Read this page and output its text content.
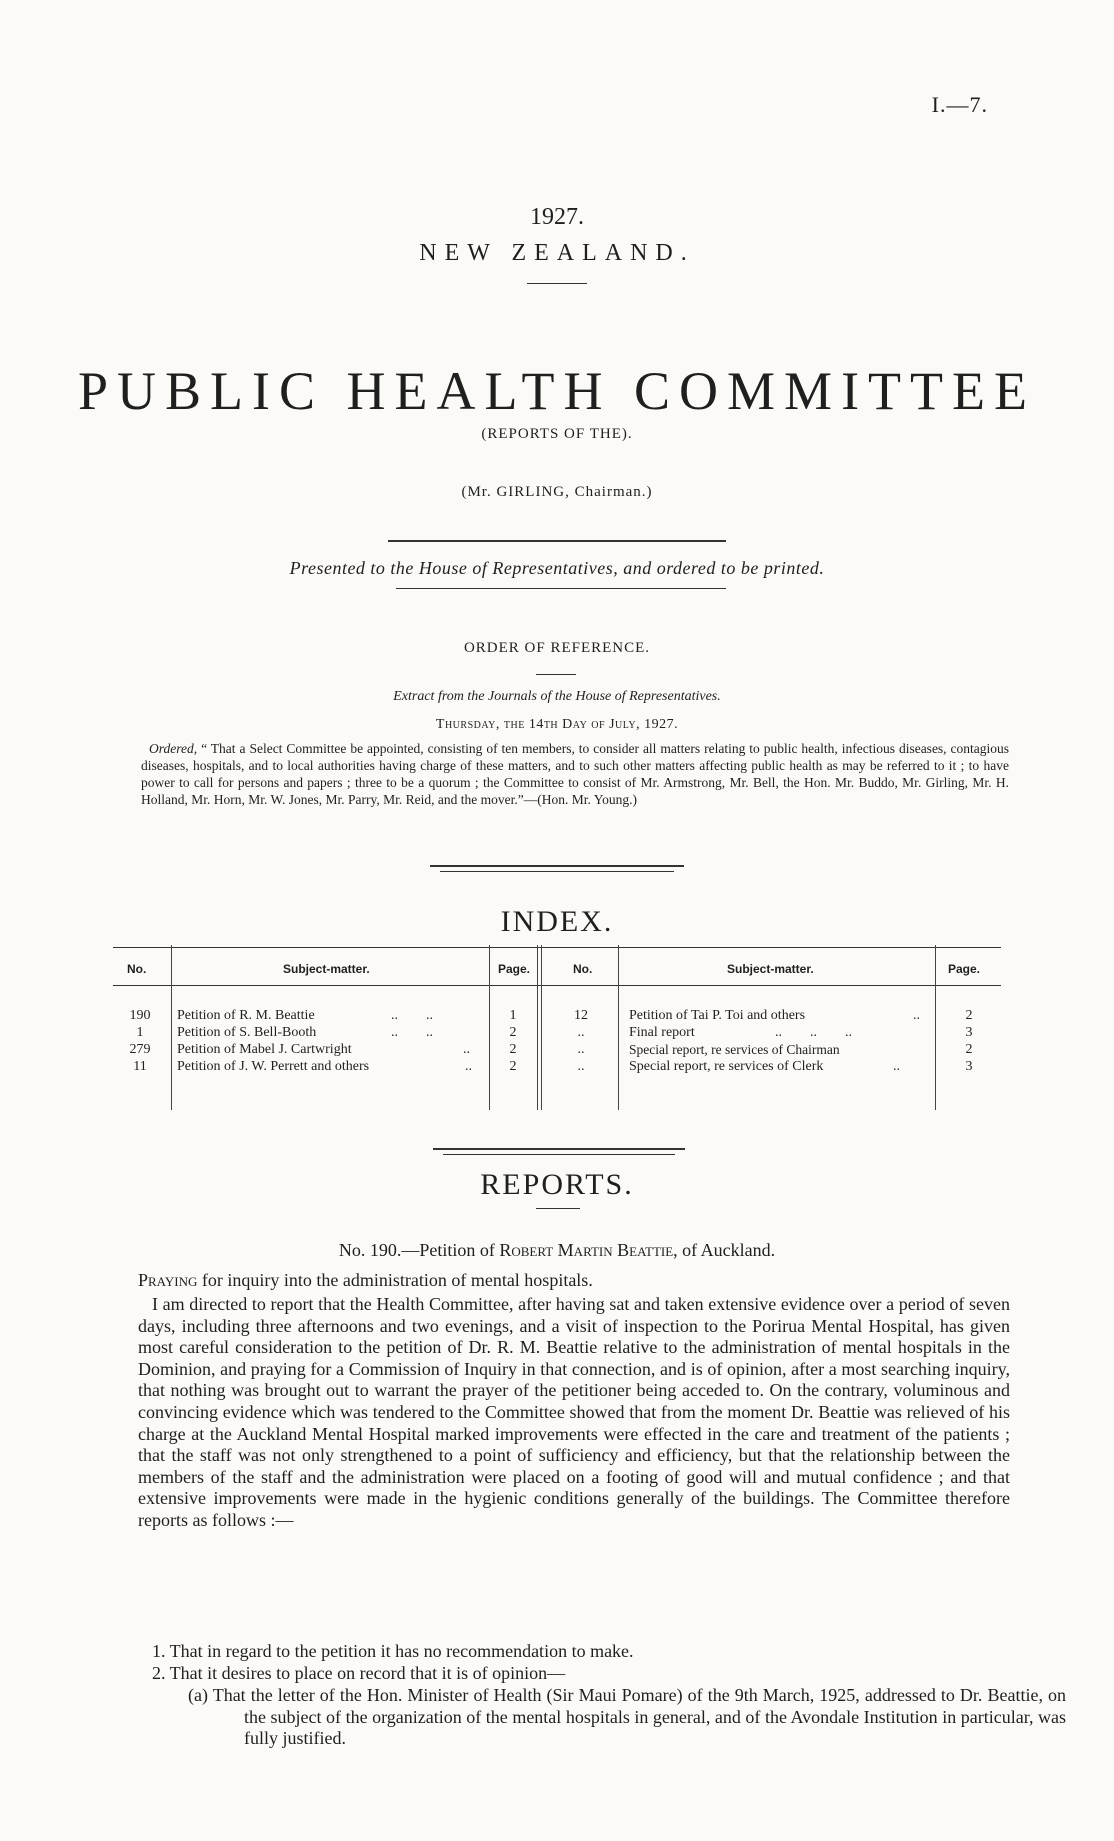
I.—7.
1927.
NEW ZEALAND.
PUBLIC HEALTH COMMITTEE
(REPORTS OF THE).
(Mr. GIRLING, Chairman.)
Presented to the House of Representatives, and ordered to be printed.
ORDER OF REFERENCE.
Extract from the Journals of the House of Representatives.
Thursday, the 14th Day of July, 1927.
Ordered, “ That a Select Committee be appointed, consisting of ten members, to consider all matters relating to public health, infectious diseases, contagious diseases, hospitals, and to local authorities having charge of these matters, and to such other matters affecting public health as may be referred to it ; to have power to call for persons and papers ; three to be a quorum ; the Committee to consist of Mr. Armstrong, Mr. Bell, the Hon. Mr. Buddo, Mr. Girling, Mr. H. Holland, Mr. Horn, Mr. W. Jones, Mr. Parry, Mr. Reid, and the mover.”—(Hon. Mr. Young.)
INDEX.
No.	Subject-matter.	Page.	No.	Subject-matter.	Page.
190	Petition of R. M. Beattie	..        ..	1
1	Petition of S. Bell-Booth	..        ..	2
279	Petition of Mabel J. Cartwright	..	2
11	Petition of J. W. Perrett and others	..	2
12	Petition of Tai P. Toi and others	..	2
..	Final report	..        ..        ..	3
..	Special report, re services of Chairman	2
..	Special report, re services of Clerk	..	3
REPORTS.
No. 190.—Petition of Robert Martin Beattie, of Auckland.
Praying for inquiry into the administration of mental hospitals.
I am directed to report that the Health Committee, after having sat and taken extensive evidence over a period of seven days, including three afternoons and two evenings, and a visit of inspection to the Porirua Mental Hospital, has given most careful consideration to the petition of Dr. R. M. Beattie relative to the administration of mental hospitals in the Dominion, and praying for a Commission of Inquiry in that connection, and is of opinion, after a most searching inquiry, that nothing was brought out to warrant the prayer of the petitioner being acceded to. On the contrary, voluminous and convincing evidence which was tendered to the Committee showed that from the moment Dr. Beattie was relieved of his charge at the Auckland Mental Hospital marked improvements were effected in the care and treatment of the patients ; that the staff was not only strengthened to a point of sufficiency and efficiency, but that the relationship between the members of the staff and the administration were placed on a footing of good will and mutual confidence ; and that extensive improvements were made in the hygienic conditions generally of the buildings. The Committee therefore reports as follows :—
1. That in regard to the petition it has no recommendation to make.
2. That it desires to place on record that it is of opinion—
(a) That the letter of the Hon. Minister of Health (Sir Maui Pomare) of the 9th March, 1925, addressed to Dr. Beattie, on the subject of the organization of the mental hospitals in general, and of the Avondale Institution in particular, was fully justified.
